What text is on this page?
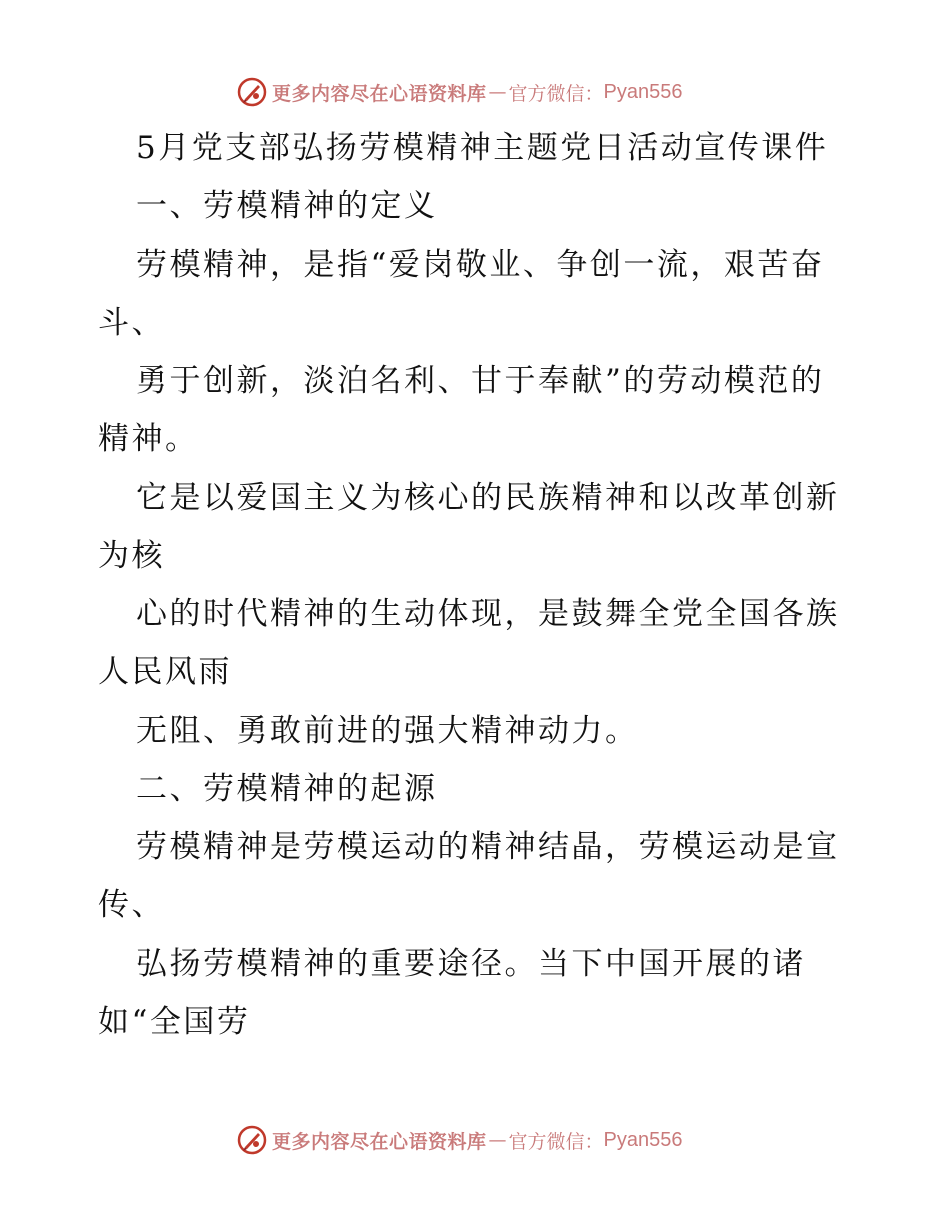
更多内容尽在心语资料库 — 官方微信： Pyan556
5月党支部弘扬劳模精神主题党日活动宣传课件
一、劳模精神的定义
劳模精神，是指“爱岗敬业、争创一流，艰苦奋
斗、
勇于创新，淡泊名利、甘于奉献”的劳动模范的
精神。
它是以爱国主义为核心的民族精神和以改革创新
为核
心的时代精神的生动体现，是鼓舞全党全国各族
人民风雨
无阻、勇敢前进的强大精神动力。
二、劳模精神的起源
劳模精神是劳模运动的精神结晶，劳模运动是宣
传、
弘扬劳模精神的重要途径。当下中国开展的诸
如“全国劳
更多内容尽在心语资料库 — 官方微信： Pyan556
